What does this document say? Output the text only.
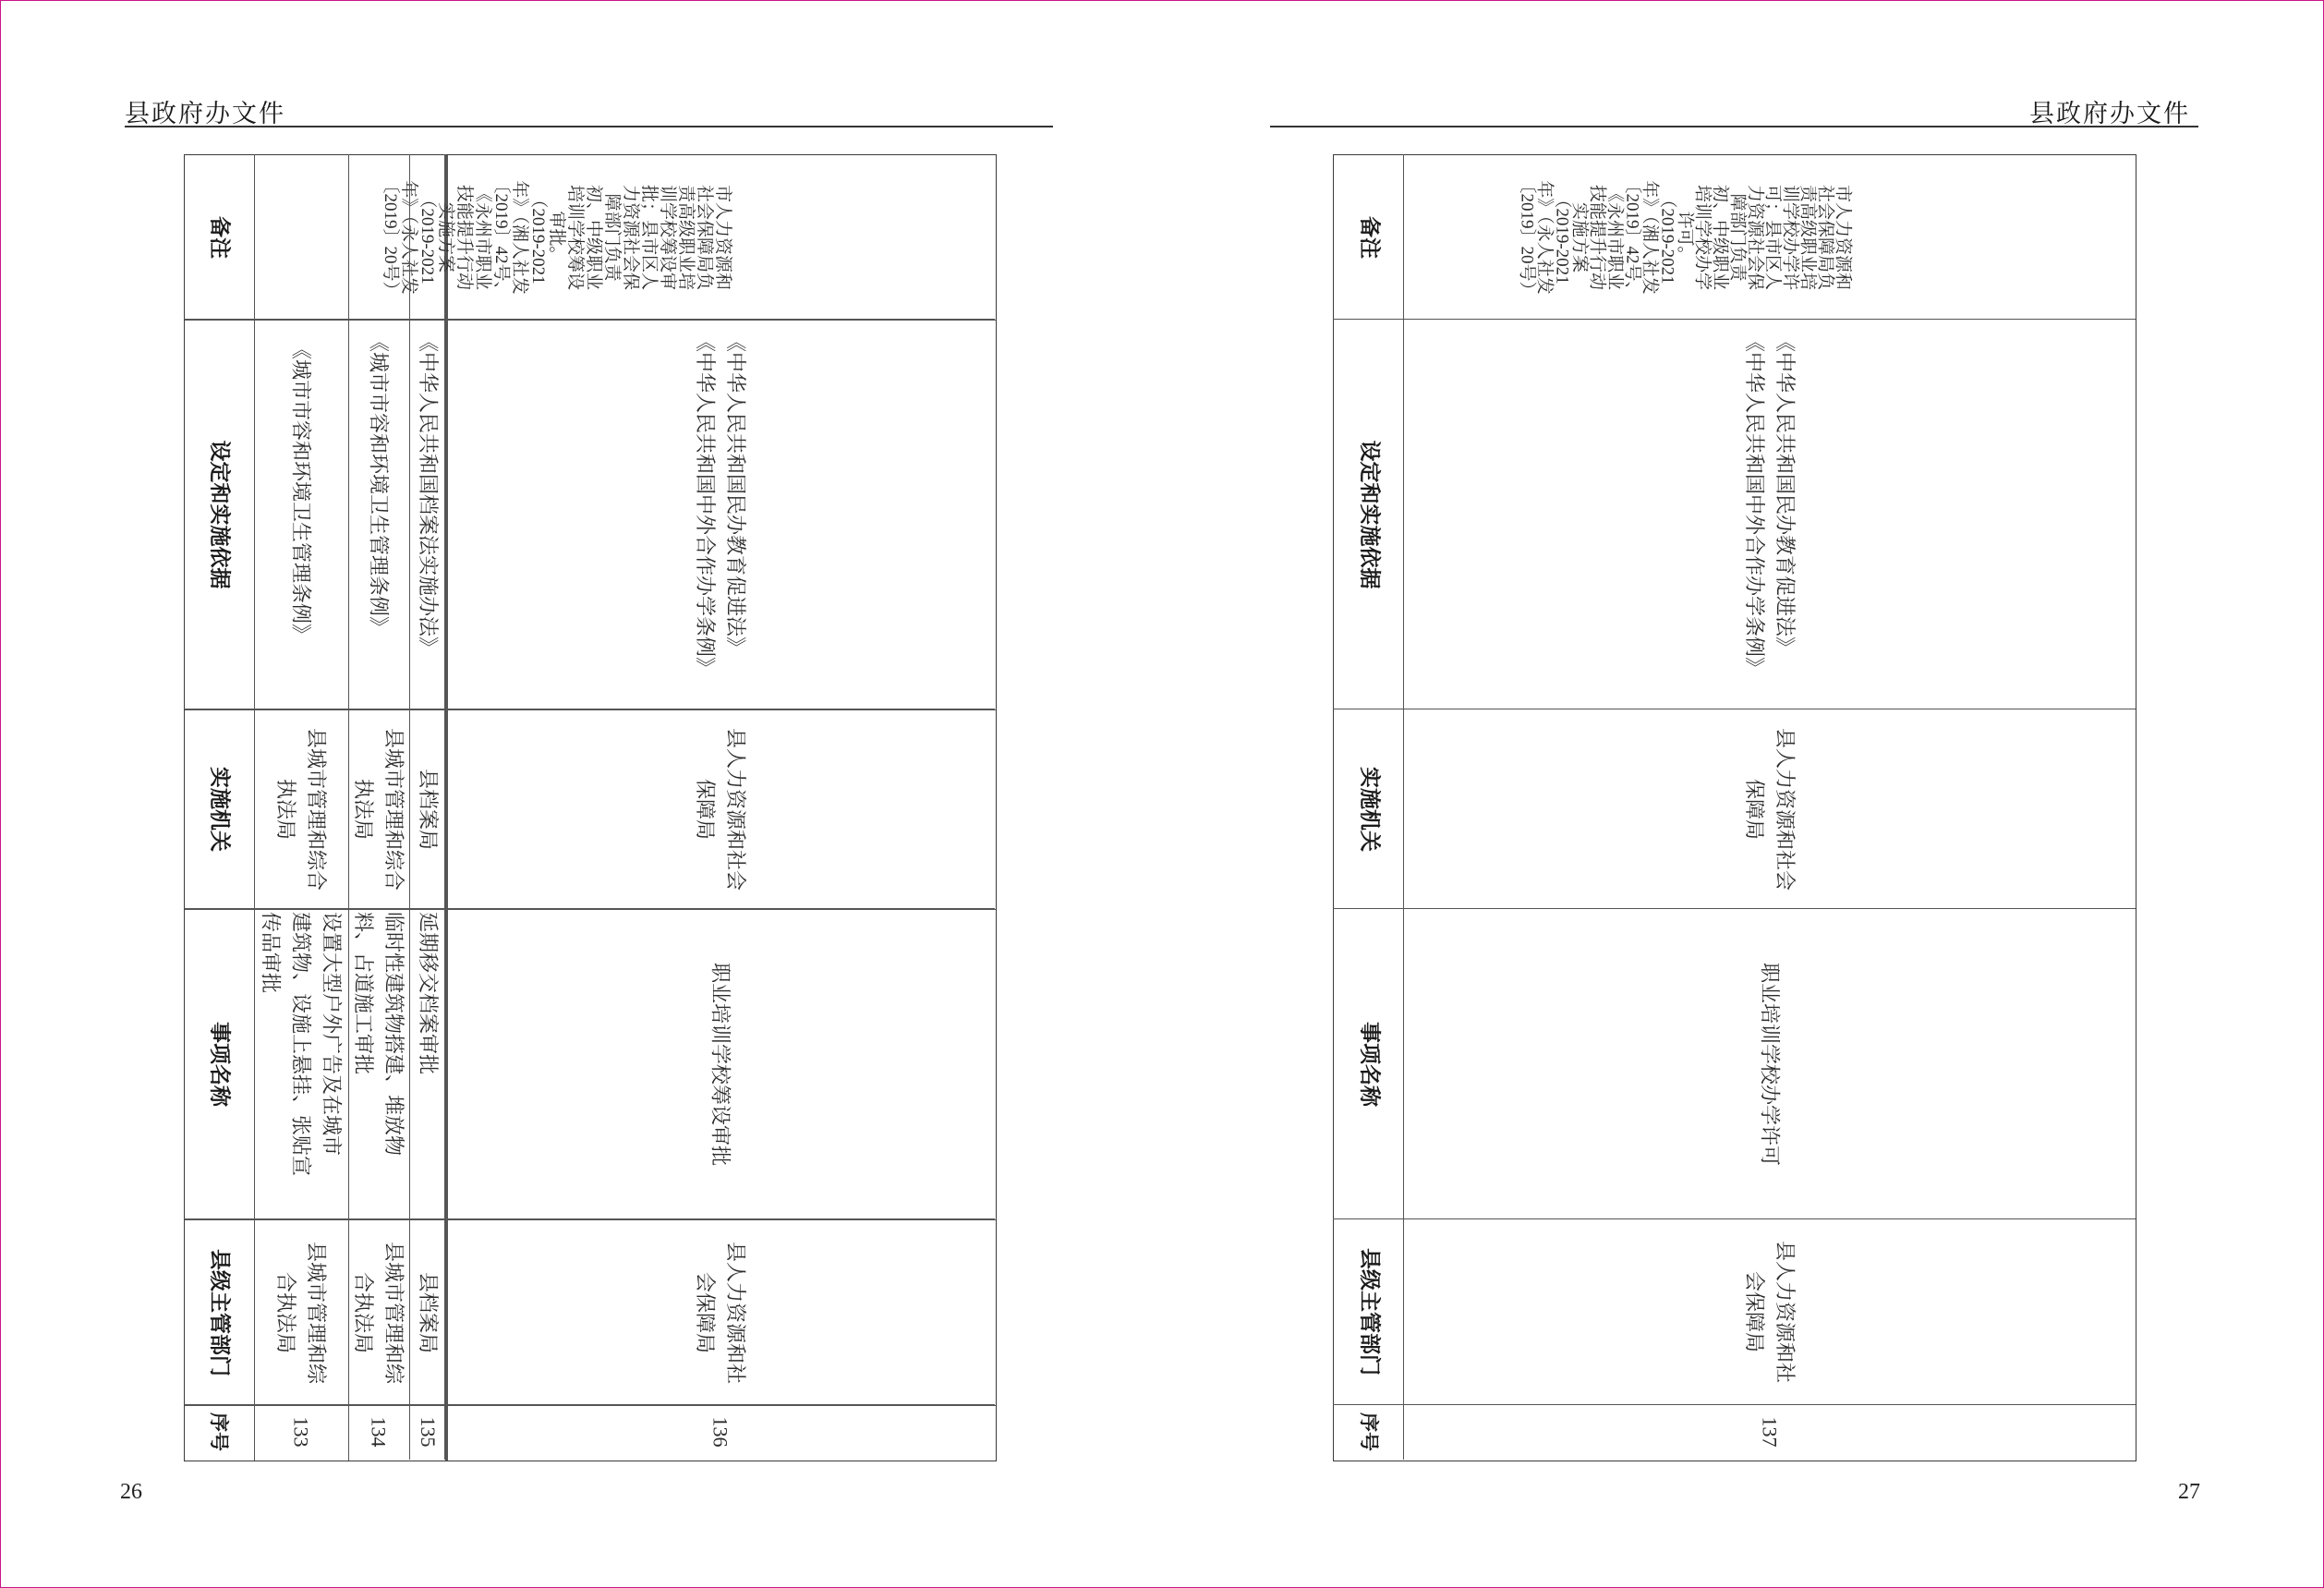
县政府办文件
备注
设定和实施依据
实施机关
事项名称
县级主管部门
序号
《城市市容和环境卫生管理条例》
县城市管理和综合
执法局
设置大型户外广告及在城市
建筑物、设施上悬挂、张贴宣
传品审批
县城市管理和综
合执法局
133
《城市市容和环境卫生管理条例》
县城市管理和综合
执法局
临时性建筑物搭建、堆放物
料、占道施工审批
县城市管理和综
合执法局
134
《中华人民共和国档案法实施办法》
县档案局
延期移交档案审批
县档案局
135
市人力资源和
社会保障局负
责高级职业培
训学校筹设审
批；县市区人
力资源社会保
障部门负责
初、中级职业
培训学校筹设
审批。
（2019-2021
年》（湘人社发
〔2019〕42号、
《永州市职业
技能提升行动
实施方案
（2019-2021
年》（永人社发
〔2019〕20号）
《中华人民共和国民办教育促进法》
《中华人民共和国中外合作办学条例》
县人力资源和社会
保障局
职业培训学校筹设审批
县人力资源和社
会保障局
136
26
县政府办文件
备注
设定和实施依据
实施机关
事项名称
县级主管部门
序号
市人力资源和
社会保障局负
责高级职业培
训学校办学许
可；县市区人
力资源社会保
障部门负责
初、中级职业
培训学校办学
许可。
（2019-2021
年》（湘人社发
〔2019〕42号、
《永州市职业
技能提升行动
实施方案
（2019-2021
年》（永人社发
〔2019〕20号）
《中华人民共和国民办教育促进法》
《中华人民共和国中外合作办学条例》
县人力资源和社会
保障局
职业培训学校办学许可
县人力资源和社
会保障局
137
27
